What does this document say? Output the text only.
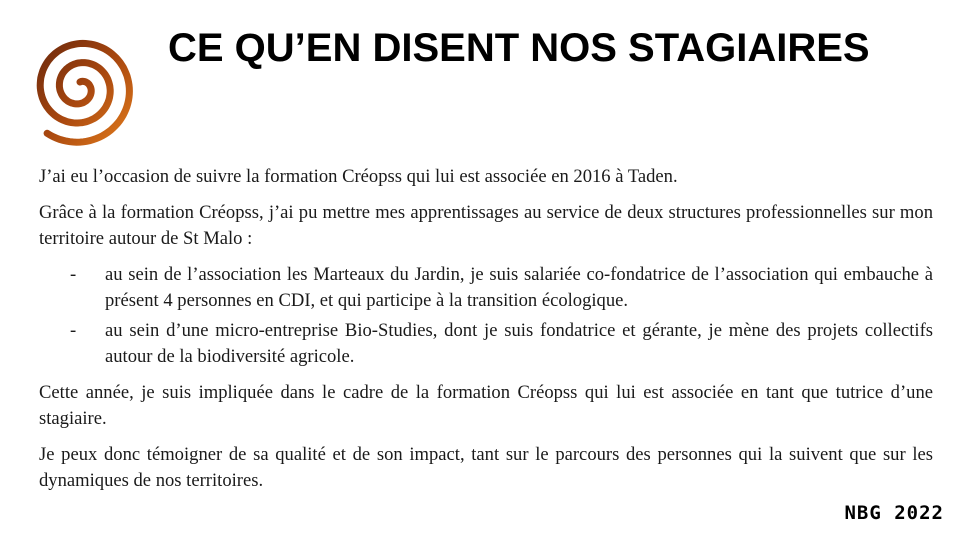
CE QU’EN DISENT NOS STAGIAIRES

J’ai eu l’occasion de suivre la formation Créopss qui lui est associée en 2016 à Taden.

Grâce à la formation Créopss, j’ai pu mettre mes apprentissages au service de deux structures professionnelles sur mon territoire autour de St Malo :

- au sein de l’association les Marteaux du Jardin, je suis salariée co-fondatrice de l’association qui embauche à présent 4 personnes en CDI, et qui participe à la transition écologique.
- au sein d’une micro-entreprise Bio-Studies, dont je suis fondatrice et gérante, je mène des projets collectifs autour de la biodiversité agricole.

Cette année, je suis impliquée dans le cadre de la formation Créopss qui lui est associée en tant que tutrice d’une stagiaire.

Je peux donc témoigner de sa qualité et de son impact, tant sur le parcours des personnes qui la suivent que sur les dynamiques de nos territoires.

NBG 2022
